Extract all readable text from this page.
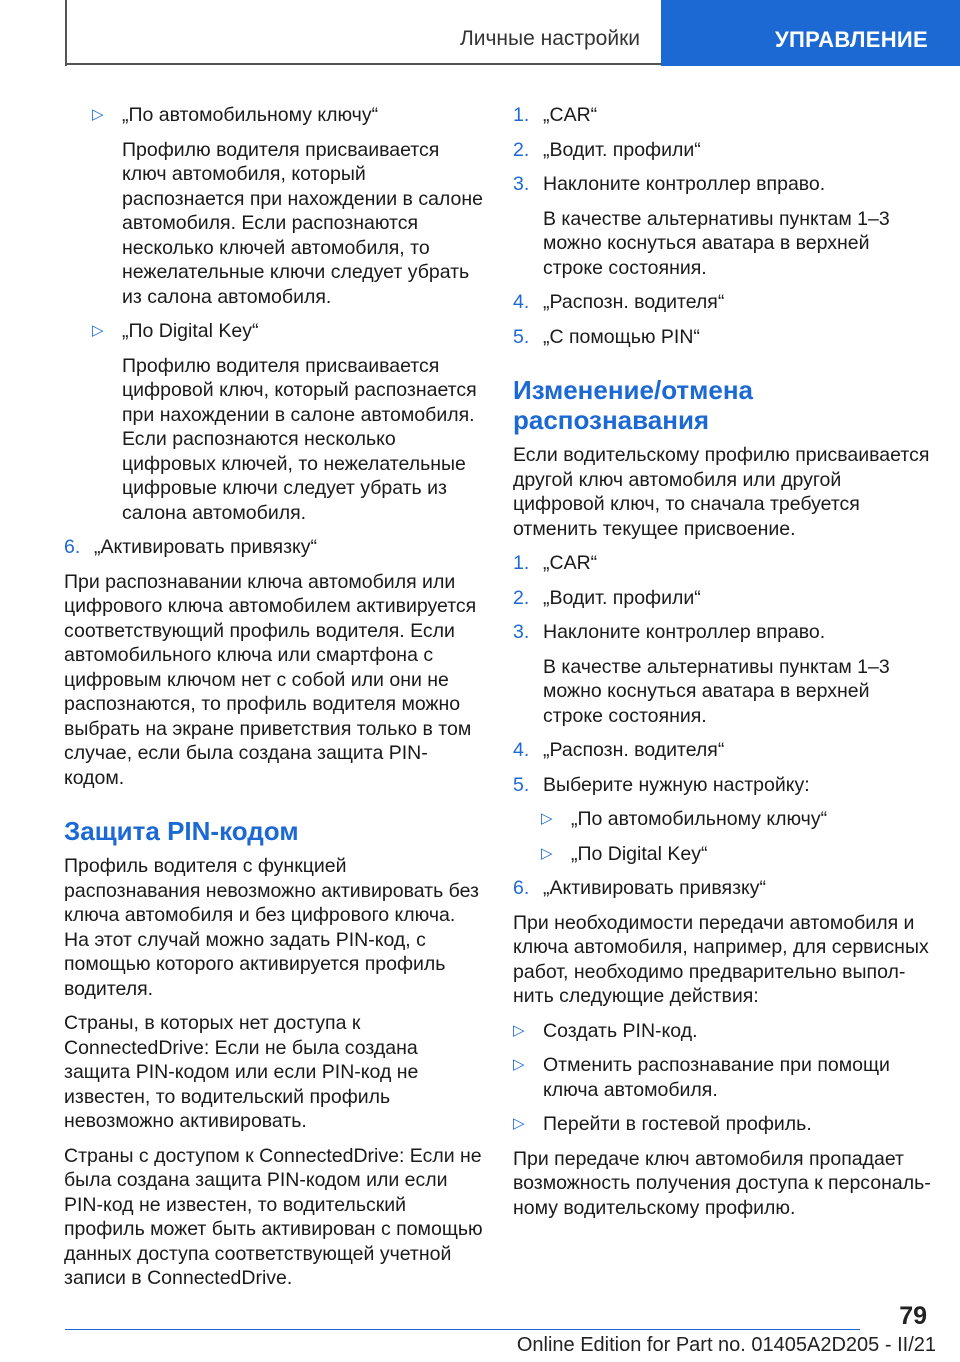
Личные настройки	УПРАВЛЕНИЕ
▷ „По автомобильному ключу“
Профилю водителя присваивается ключ автомобиля, который распознается при нахождении в салоне автомобиля. Если распознаются несколько ключей автомобиля, то нежелательные ключи следует убрать из салона автомобиля.
▷ „По Digital Key“
Профилю водителя присваивается цифровой ключ, который распознается при нахождении в салоне автомобиля. Если распознаются несколько цифровых ключей, то нежелательные цифровые ключи следует убрать из салона автомобиля.
6. „Активировать привязку“
При распознавании ключа автомобиля или цифрового ключа автомобилем активируется соответствующий профиль водителя. Если автомобильного ключа или смартфона с цифровым ключом нет с собой или они не распознаются, то профиль водителя можно выбрать на экране приветствия только в том случае, если была создана защита PIN-кодом.
Защита PIN-кодом
Профиль водителя с функцией распознавания невозможно активировать без ключа автомобиля и без цифрового ключа. На этот случай можно задать PIN-код, с помощью которого активируется профиль водителя.
Страны, в которых нет доступа к ConnectedDrive: Если не была создана защита PIN-кодом или если PIN-код не известен, то водительский профиль невозможно активировать.
Страны с доступом к ConnectedDrive: Если не была создана защита PIN-кодом или если PIN-код не известен, то водительский профиль может быть активирован с помощью данных доступа соответствующей учетной записи в ConnectedDrive.
1. „CAR“
2. „Водит. профили“
3. Наклоните контроллер вправо.
В качестве альтернативы пунктам 1–3 можно коснуться аватара в верхней строке состояния.
4. „Распозн. водителя“
5. „С помощью PIN“
Изменение/отмена распознавания
Если водительскому профилю присваивается другой ключ автомобиля или другой цифровой ключ, то сначала требуется отменить текущее присвоение.
1. „CAR“
2. „Водит. профили“
3. Наклоните контроллер вправо.
В качестве альтернативы пунктам 1–3 можно коснуться аватара в верхней строке состояния.
4. „Распозн. водителя“
5. Выберите нужную настройку:
▷ „По автомобильному ключу“
▷ „По Digital Key“
6. „Активировать привязку“
При необходимости передачи автомобиля и ключа автомобиля, например, для сервисных работ, необходимо предварительно выполнить следующие действия:
▷ Создать PIN-код.
▷ Отменить распознавание при помощи ключа автомобиля.
▷ Перейти в гостевой профиль.
При передаче ключ автомобиля пропадает возможность получения доступа к персональному водительскому профилю.
79
Online Edition for Part no. 01405A2D205 - II/21
